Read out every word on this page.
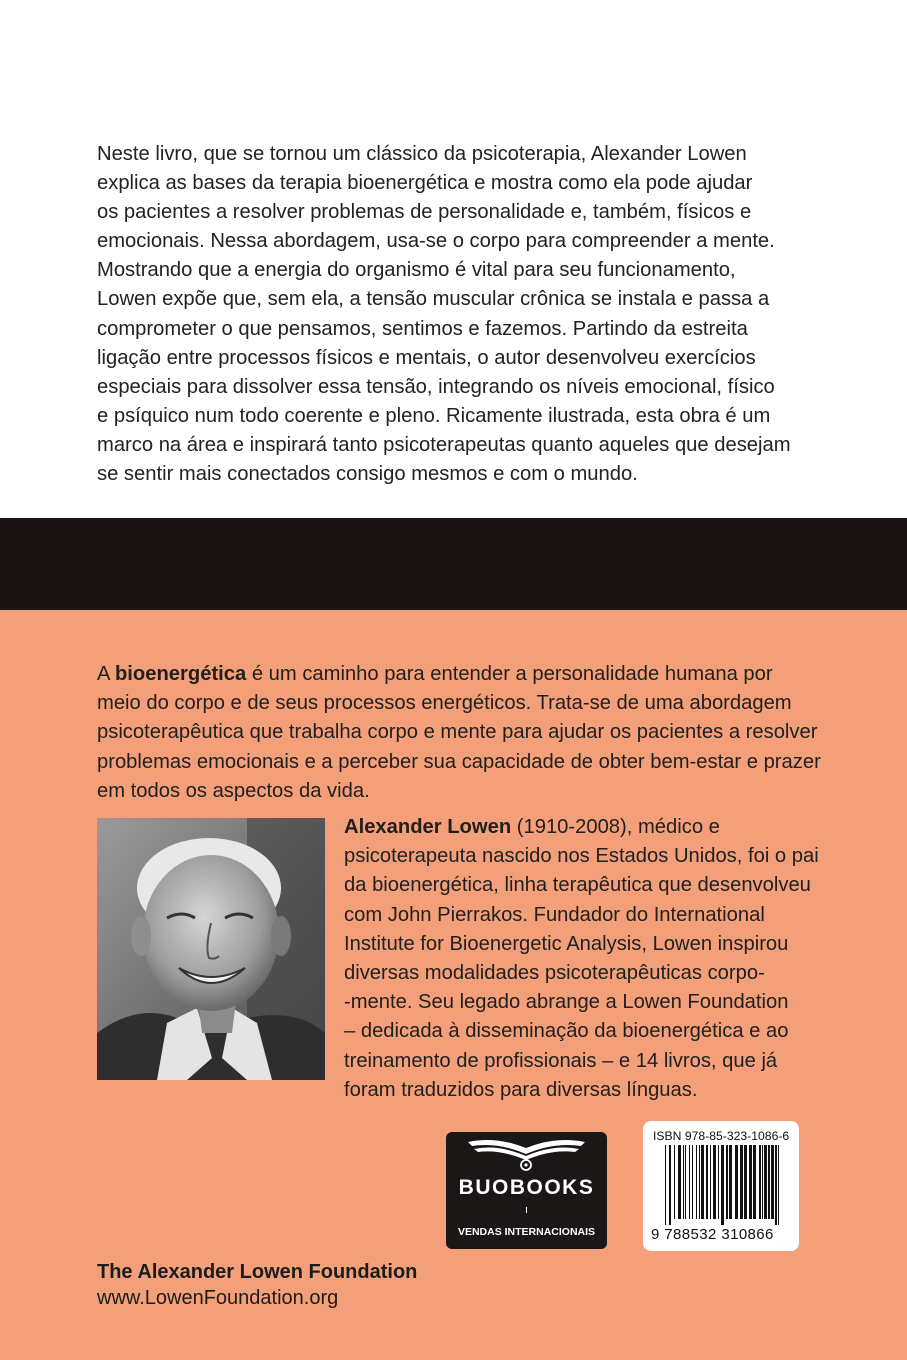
Neste livro, que se tornou um clássico da psicoterapia, Alexander Lowen
explica as bases da terapia bioenergética e mostra como ela pode ajudar
os pacientes a resolver problemas de personalidade e, também, físicos e
emocionais. Nessa abordagem, usa-se o corpo para compreender a mente.
Mostrando que a energia do organismo é vital para seu funcionamento,
Lowen expõe que, sem ela, a tensão muscular crônica se instala e passa a
comprometer o que pensamos, sentimos e fazemos. Partindo da estreita
ligação entre processos físicos e mentais, o autor desenvolveu exercícios
especiais para dissolver essa tensão, integrando os níveis emocional, físico
e psíquico num todo coerente e pleno. Ricamente ilustrada, esta obra é um
marco na área e inspirará tanto psicoterapeutas quanto aqueles que desejam
se sentir mais conectados consigo mesmos e com o mundo.
A bioenergética é um caminho para entender a personalidade humana por
meio do corpo e de seus processos energéticos. Trata-se de uma abordagem
psicoterapêutica que trabalha corpo e mente para ajudar os pacientes a resolver
problemas emocionais e a perceber sua capacidade de obter bem-estar e prazer
em todos os aspectos da vida.
Alexander Lowen (1910-2008), médico e
psicoterapeuta nascido nos Estados Unidos, foi o pai
da bioenergética, linha terapêutica que desenvolveu
com John Pierrakos. Fundador do International
Institute for Bioenergetic Analysis, Lowen inspirou
diversas modalidades psicoterapêuticas corpo-
-mente. Seu legado abrange a Lowen Foundation
– dedicada à disseminação da bioenergética e ao
treinamento de profissionais – e 14 livros, que já
foram traduzidos para diversas línguas.
BUOBOOKS
VENDAS INTERNACIONAIS
ISBN 978-85-323-1086-6
9 788532 310866
The Alexander Lowen Foundation
www.LowenFoundation.org
